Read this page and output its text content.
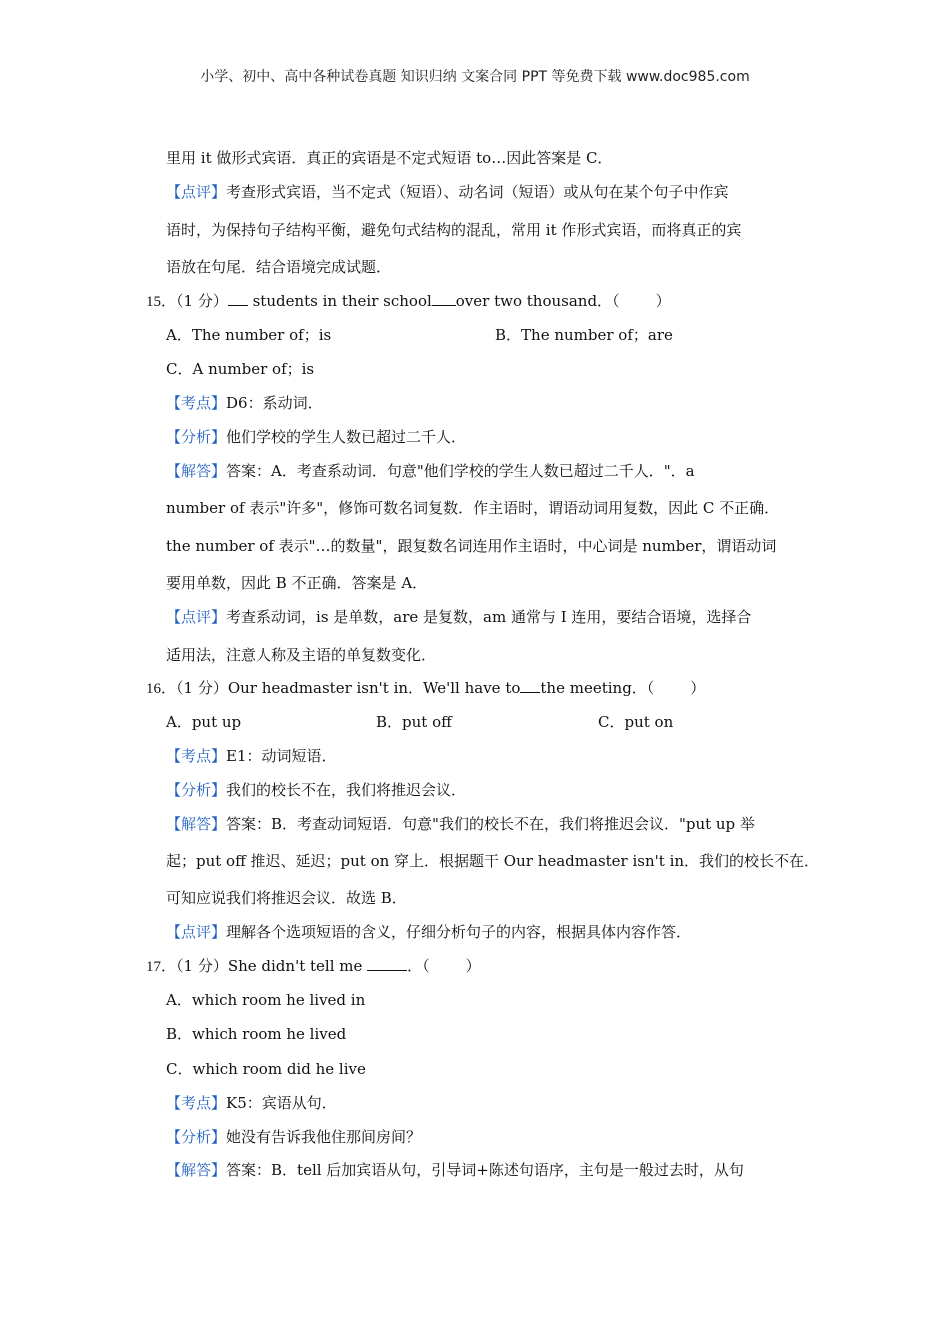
小学、初中、高中各种试卷真题 知识归纳 文案合同 PPT 等免费下载 www.doc985.com
里用 it 做形式宾语．真正的宾语是不定式短语 to…因此答案是 C．
【点评】考查形式宾语，当不定式（短语）、动名词（短语）或从句在某个句子中作宾
语时，为保持句子结构平衡，避免句式结构的混乱，常用 it 作形式宾语，而将真正的宾
语放在句尾．结合语境完成试题．
15．（1 分） students in their school over two thousand．（ ）
A．The number of；is	B．The number of；are
C．A number of；is
【考点】D6：系动词．
【分析】他们学校的学生人数已超过二千人．
【解答】答案：A．考查系动词．句意"他们学校的学生人数已超过二千人．"．a
number of 表示"许多"，修饰可数名词复数．作主语时，谓语动词用复数，因此 C 不正确．
the number of 表示"…的数量"，跟复数名词连用作主语时，中心词是 number，谓语动词
要用单数，因此 B 不正确．答案是 A．
【点评】考查系动词，is 是单数，are 是复数，am 通常与 I 连用，要结合语境，选择合
适用法，注意人称及主语的单复数变化．
16．（1 分）Our headmaster isn't in．We'll have to the meeting．（ ）
A．put up	B．put off	C．put on
【考点】E1：动词短语．
【分析】我们的校长不在，我们将推迟会议．
【解答】答案：B．考查动词短语．句意"我们的校长不在，我们将推迟会议．"put up 举
起；put off 推迟、延迟；put on 穿上．根据题干 Our headmaster isn't in．我们的校长不在．
可知应说我们将推迟会议．故选 B．
【点评】理解各个选项短语的含义，仔细分析句子的内容，根据具体内容作答．
17．（1 分）She didn't tell me	．（ ）
A．which room he lived in
B．which room he lived
C．which room did he live
【考点】K5：宾语从句．
【分析】她没有告诉我他住那间房间？
【解答】答案：B．tell 后加宾语从句，引导词+陈述句语序，主句是一般过去时，从句
